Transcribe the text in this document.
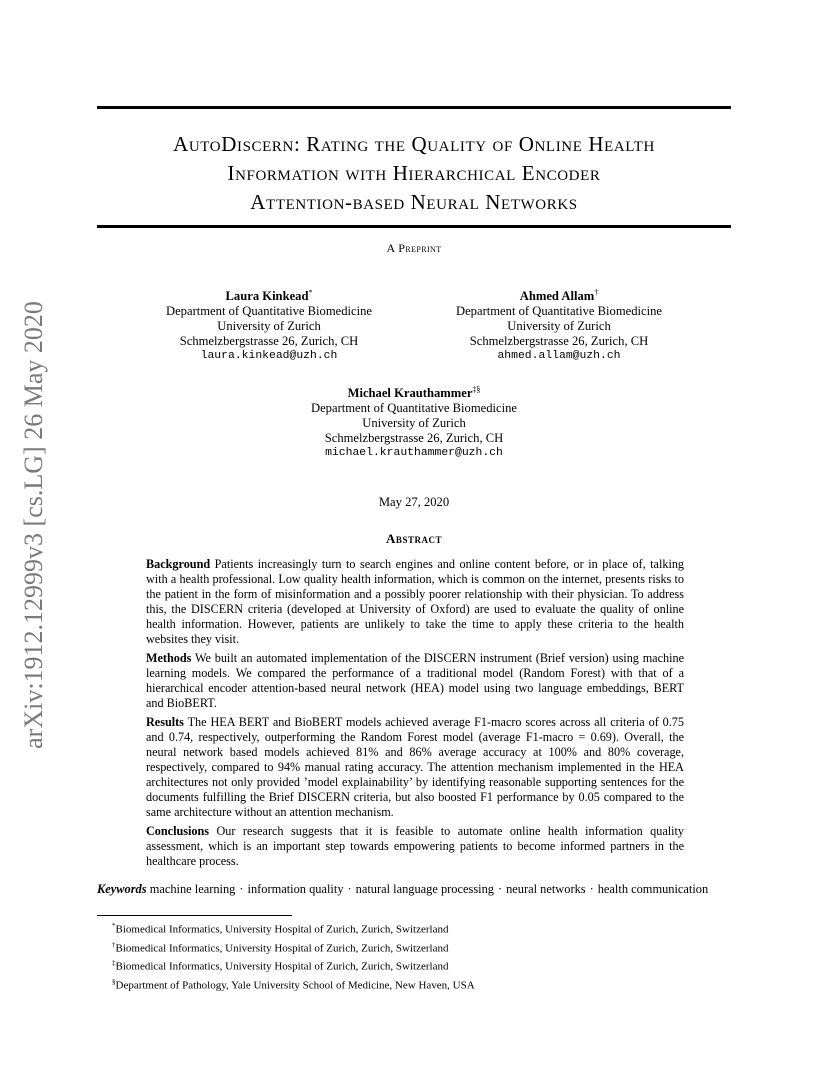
arXiv:1912.12999v3 [cs.LG] 26 May 2020
AutoDiscern: Rating the Quality of Online Health
Information with Hierarchical Encoder
Attention-based Neural Networks
A Preprint
Laura Kinkead*
Department of Quantitative Biomedicine
University of Zurich
Schmelzbergstrasse 26, Zurich, CH
laura.kinkead@uzh.ch
Ahmed Allam†
Department of Quantitative Biomedicine
University of Zurich
Schmelzbergstrasse 26, Zurich, CH
ahmed.allam@uzh.ch
Michael Krauthammer‡§
Department of Quantitative Biomedicine
University of Zurich
Schmelzbergstrasse 26, Zurich, CH
michael.krauthammer@uzh.ch
May 27, 2020
Abstract

Background Patients increasingly turn to search engines and online content before, or in place of, talking with a health professional. Low quality health information, which is common on the internet, presents risks to the patient in the form of misinformation and a possibly poorer relationship with their physician. To address this, the DISCERN criteria (developed at University of Oxford) are used to evaluate the quality of online health information. However, patients are unlikely to take the time to apply these criteria to the health websites they visit.

Methods We built an automated implementation of the DISCERN instrument (Brief version) using machine learning models. We compared the performance of a traditional model (Random Forest) with that of a hierarchical encoder attention-based neural network (HEA) model using two language embeddings, BERT and BioBERT.

Results The HEA BERT and BioBERT models achieved average F1-macro scores across all criteria of 0.75 and 0.74, respectively, outperforming the Random Forest model (average F1-macro = 0.69). Overall, the neural network based models achieved 81% and 86% average accuracy at 100% and 80% coverage, respectively, compared to 94% manual rating accuracy. The attention mechanism implemented in the HEA architectures not only provided ’model explainability’ by identifying reasonable supporting sentences for the documents fulfilling the Brief DISCERN criteria, but also boosted F1 performance by 0.05 compared to the same architecture without an attention mechanism.

Conclusions Our research suggests that it is feasible to automate online health information quality assessment, which is an important step towards empowering patients to become informed partners in the healthcare process.

Keywords machine learning · information quality · natural language processing · neural networks · health communication
*Biomedical Informatics, University Hospital of Zurich, Zurich, Switzerland
†Biomedical Informatics, University Hospital of Zurich, Zurich, Switzerland
‡Biomedical Informatics, University Hospital of Zurich, Zurich, Switzerland
§Department of Pathology, Yale University School of Medicine, New Haven, USA
